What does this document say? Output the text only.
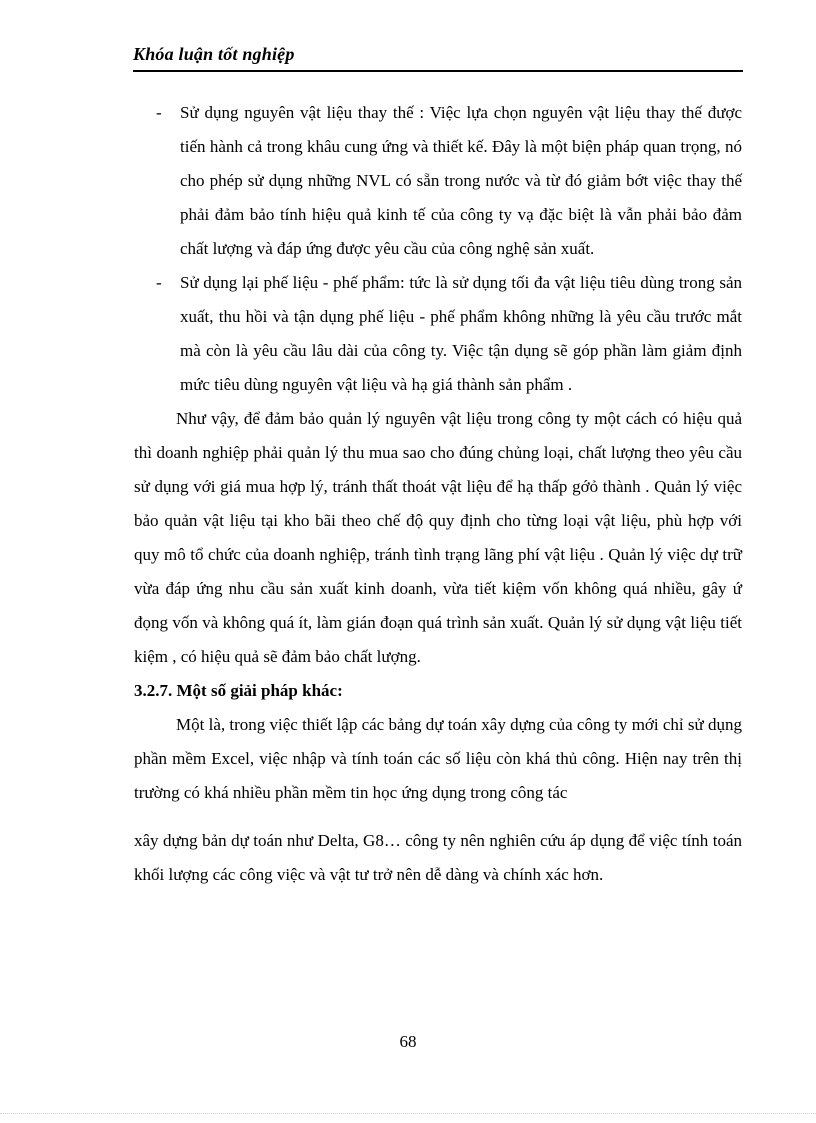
Khóa luận tốt nghiệp

- Sử dụng nguyên vật liệu thay thế : Việc lựa chọn nguyên vật liệu thay thế được tiến hành cả trong khâu cung ứng và thiết kế. Đây là một biện pháp quan trọng, nó cho phép sử dụng những NVL có sẵn trong nước và từ đó giảm bớt việc thay thế phải đảm bảo tính hiệu quả kinh tế của công ty vạ đặc biệt là vẫn phải bảo đảm chất lượng và đáp ứng được yêu cầu của công nghệ sản xuất.

- Sử dụng lại phế liệu - phế phẩm: tức là sử dụng tối đa vật liệu tiêu dùng trong sản xuất, thu hồi và tận dụng phế liệu - phế phẩm không những là yêu cầu trước mắt mà còn là yêu cầu lâu dài của công ty. Việc tận dụng sẽ góp phần làm giảm định mức tiêu dùng nguyên vật liệu và hạ giá thành sản phẩm .

Như vậy, để đảm bảo quản lý nguyên vật liệu trong công ty một cách có hiệu quả thì doanh nghiệp phải quản lý thu mua sao cho đúng chủng loại, chất lượng theo yêu cầu sử dụng với giá mua hợp lý, tránh thất thoát vật liệu để hạ thấp gớỏ thành . Quản lý việc bảo quản vật liệu tại kho bãi theo chế độ quy định cho từng loại vật liệu, phù hợp với quy mô tổ chức của doanh nghiệp, tránh tình trạng lãng phí vật liệu . Quản lý việc dự trữ vừa đáp ứng nhu cầu sản xuất kinh doanh, vừa tiết kiệm vốn không quá nhiều, gây ứ đọng vốn và không quá ít, làm gián đoạn quá trình sản xuất. Quản lý sử dụng vật liệu tiết kiệm , có hiệu quả sẽ đảm bảo chất lượng.

3.2.7. Một số giải pháp khác:

Một là, trong việc thiết lập các bảng dự toán xây dựng của công ty mới chỉ sử dụng phần mềm Excel, việc nhập và tính toán các số liệu còn khá thủ công. Hiện nay trên thị trường có khá nhiều phần mềm tin học ứng dụng trong công tác

xây dựng bản dự toán như Delta, G8… công ty nên nghiên cứu áp dụng để việc tính toán khối lượng các công việc và vật tư trở nên dễ dàng và chính xác hơn.

68
